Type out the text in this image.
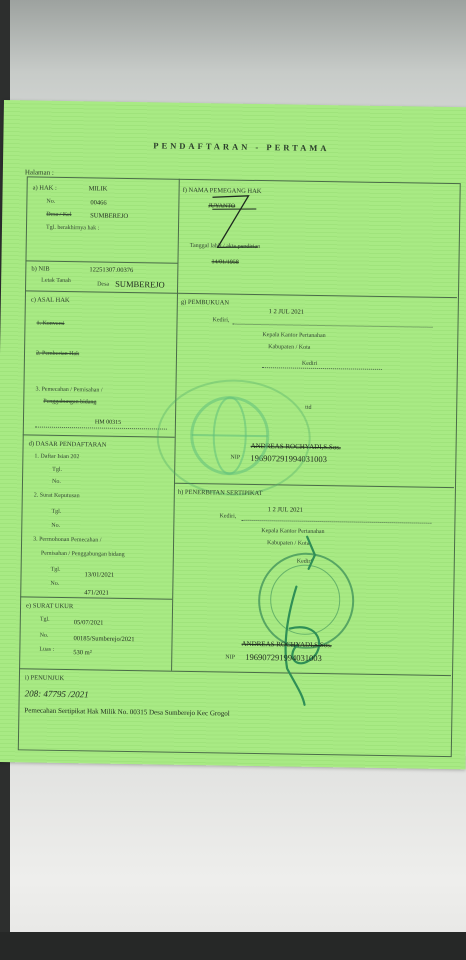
PENDAFTARAN - PERTAMA
Halaman :
a) HAK :	MILIK
No.	00466
Desa / Kel	SUMBEREJO
Tgl. berakhirnya hak :
f) NAMA PEMEGANG HAK
JUYANTO
Tanggal lahir / akte pendirian
14/01/1958
b) NIB	12251307.00376
Letak Tanah
Desa SUMBEREJO
c) ASAL HAK
1. Konversi
2. Pemberian Hak
3. Pemecahan / Pemisahan /
Penggabungan bidang
HM 00315
g) PEMBUKUAN
1 2 JUL 2021
Kediri,
Kepala Kantor Pertanahan
Kabupaten / Kota
Kediri
ttd
ANDREAS ROCHYADI,S.Sos.
NIP 196907291994031003
d) DASAR PENDAFTARAN
1. Daftar Isian 202
Tgl.
No.
2. Surat Keputusan
Tgl.
No.
3. Permohonan Pemecahan /
Pemisahan / Penggabungan bidang
Tgl.
13/01/2021
No.
471/2021
h) PENERBITAN SERTIPIKAT
1 2 JUL 2021
Kediri,
Kepala Kantor Pertanahan
Kabupaten / Kota
Kediri
ANDREAS ROCHYADI,S.Sos.
NIP 196907291994031003
e) SURAT UKUR
Tgl.	05/07/2021
No.	00185/Sumberejo/2021
Luas :	530 m²
i) PENUNJUK
208: 47795 /2021
Pemecahan Sertipikat Hak Milik No. 00315 Desa Sumberejo Kec Grogol
